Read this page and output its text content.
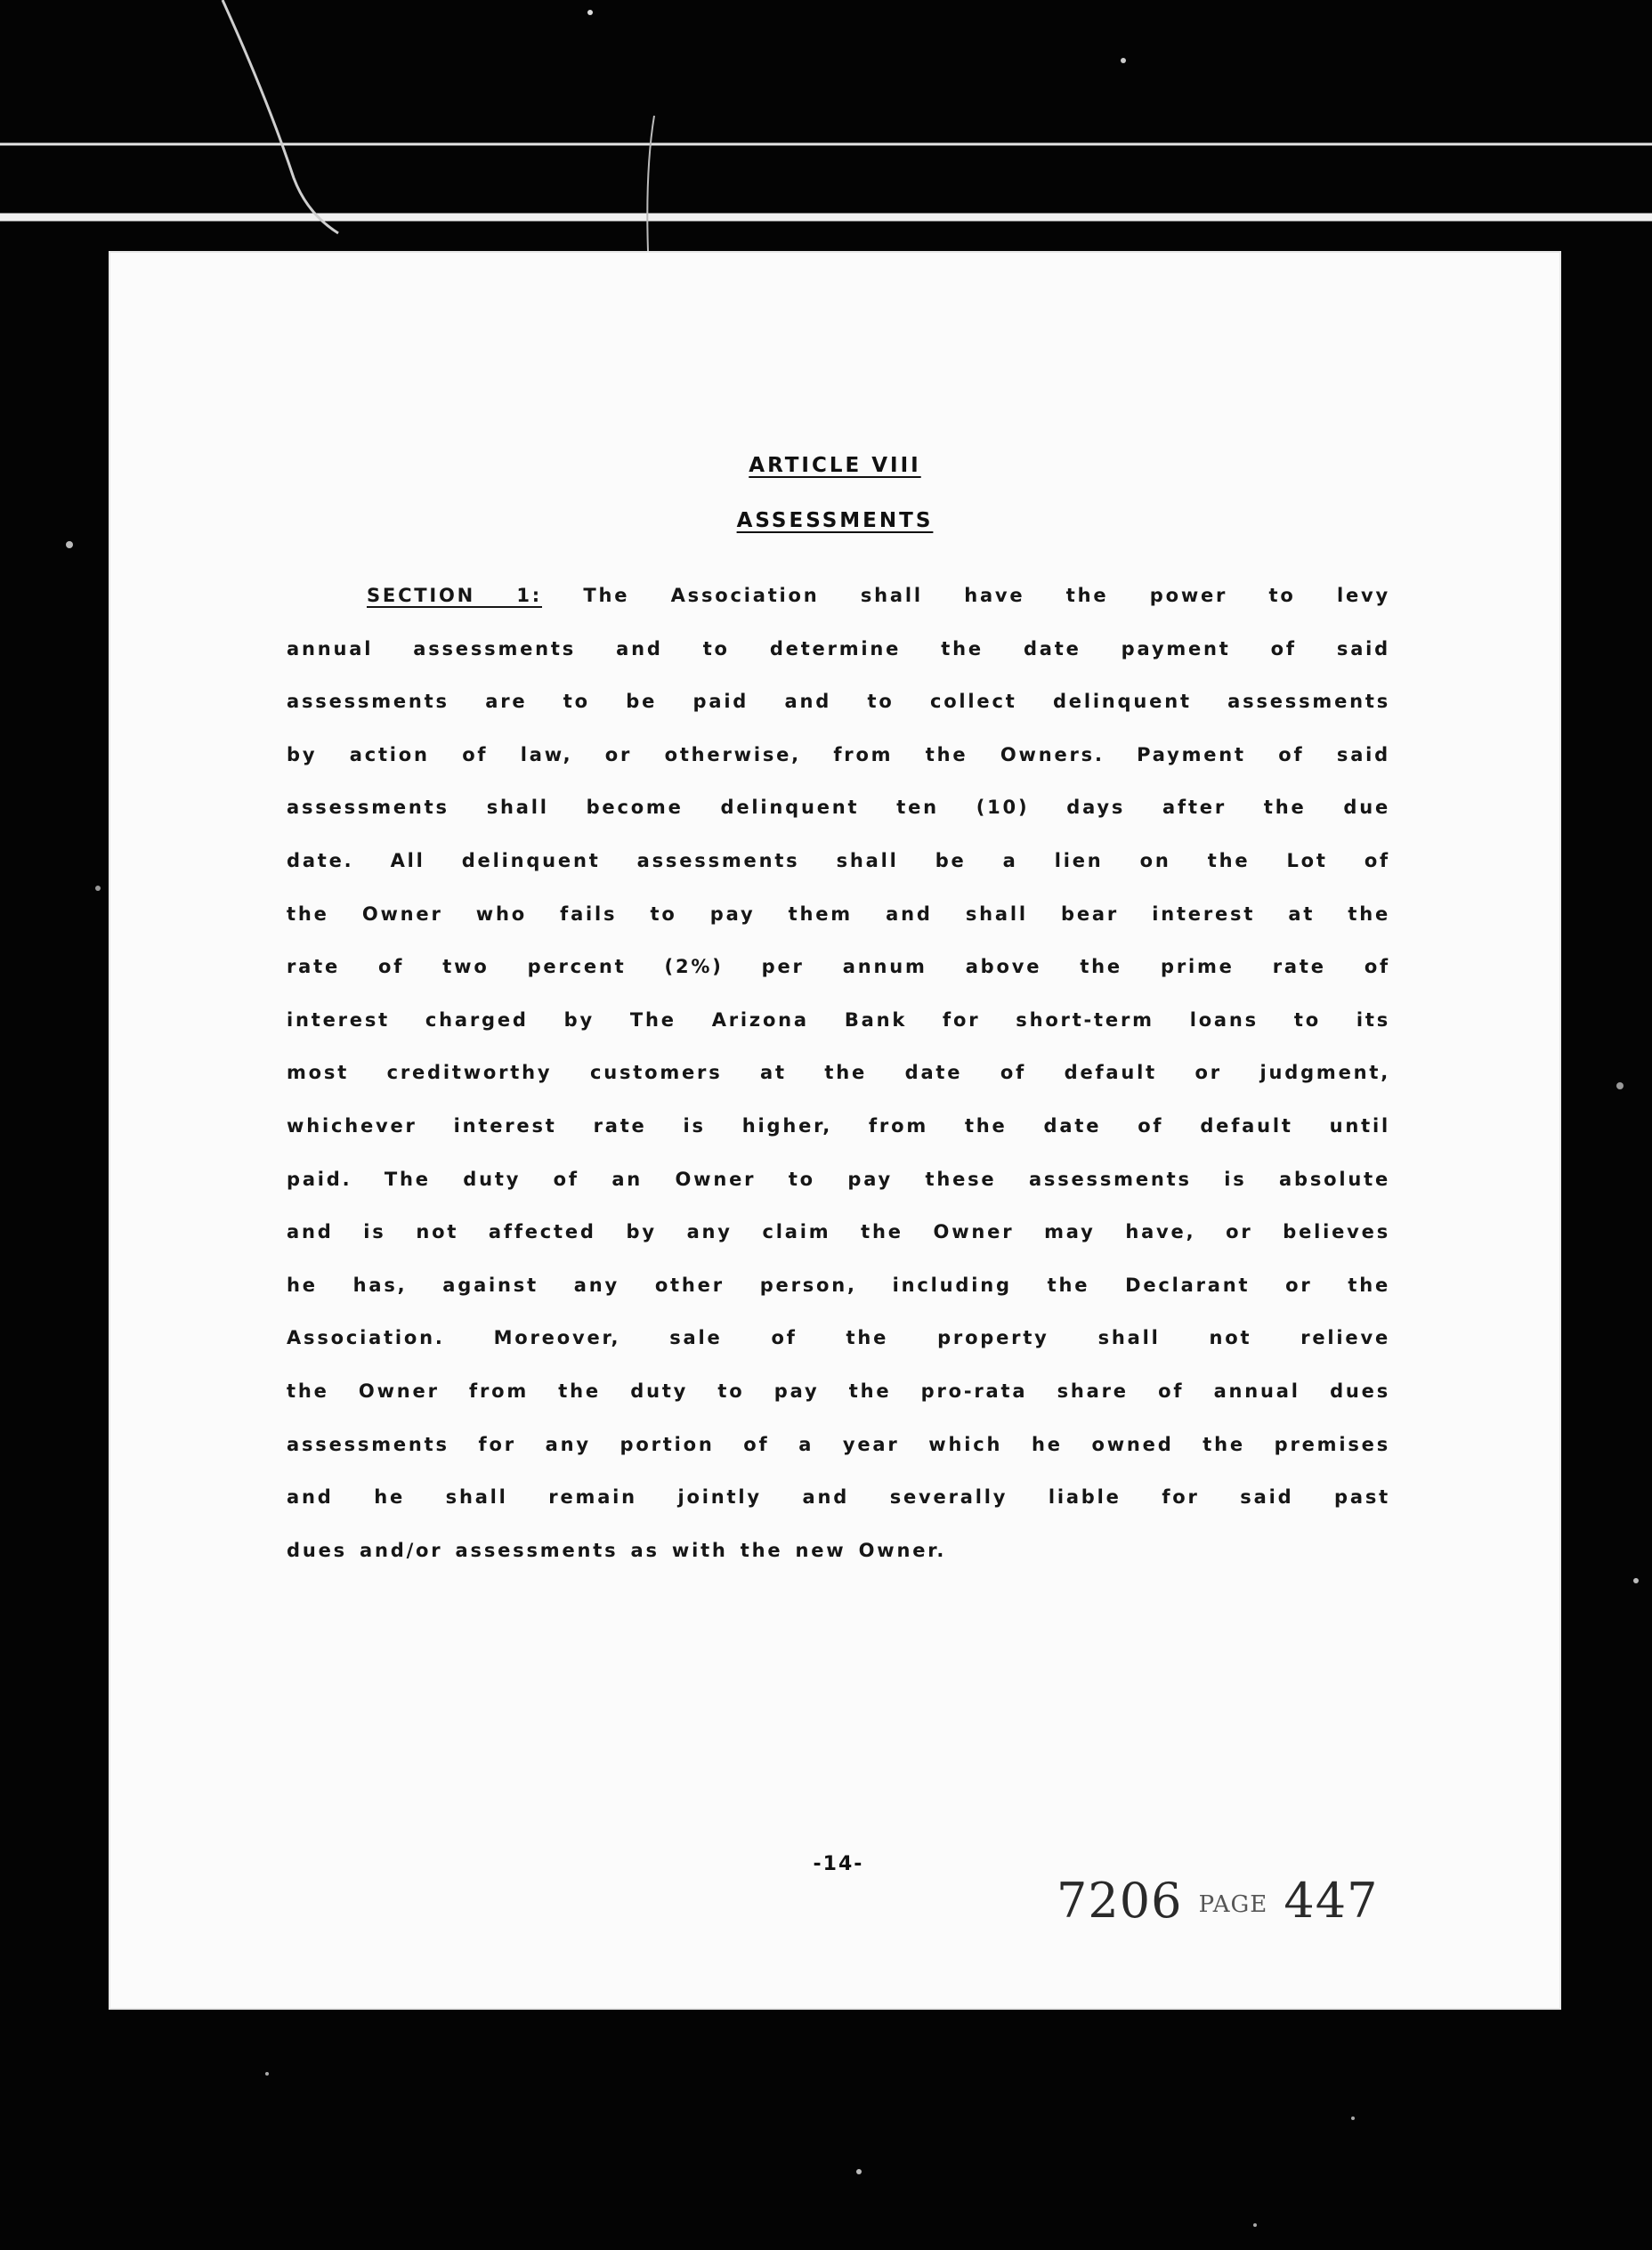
ARTICLE VIII
ASSESSMENTS
SECTION 1: The Association shall have the power to levy
annual assessments and to determine the date payment of said
assessments are to be paid and to collect delinquent assessments
by action of law, or otherwise, from the Owners. Payment of said
assessments shall become delinquent ten (10) days after the due
date. All delinquent assessments shall be a lien on the Lot of
the Owner who fails to pay them and shall bear interest at the
rate of two percent (2%) per annum above the prime rate of
interest charged by The Arizona Bank for short-term loans to its
most creditworthy customers at the date of default or judgment,
whichever interest rate is higher, from the date of default until
paid. The duty of an Owner to pay these assessments is absolute
and is not affected by any claim the Owner may have, or believes
he has, against any other person, including the Declarant or the
Association. Moreover, sale of the property shall not relieve
the Owner from the duty to pay the pro-rata share of annual dues
assessments for any portion of a year which he owned the premises
and he shall remain jointly and severally liable for said past
dues and/or assessments as with the new Owner.
-14-
7206 PAGE 447
